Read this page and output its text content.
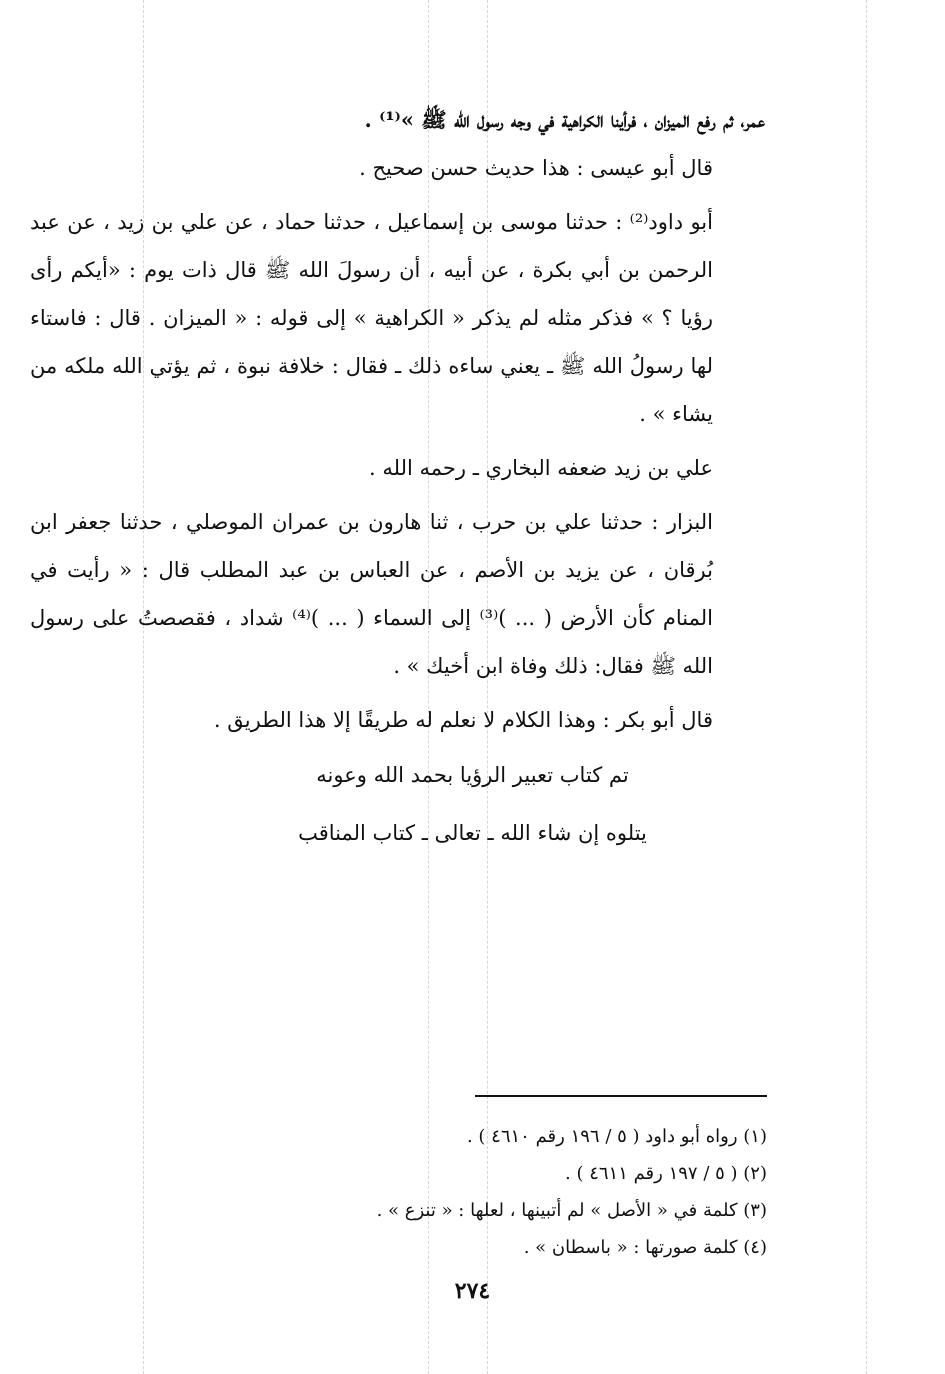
عمر، ثم رفع الميزان ، فرأينا الكراهية في وجه رسول الله ﷺ »⁽¹⁾ .

قال أبو عيسى : هذا حديث حسن صحيح .

أبو داود⁽²⁾ : حدثنا موسى بن إسماعيل ، حدثنا حماد ، عن علي بن زيد ، عن عبد الرحمن بن أبي بكرة ، عن أبيه ، أن رسولَ الله ﷺ قال ذات يوم : «أيكم رأى رؤيا ؟ » فذكر مثله لم يذكر « الكراهية » إلى قوله : « الميزان . قال : فاستاء لها رسولُ الله ﷺ ـ يعني ساءه ذلك ـ فقال : خلافة نبوة ، ثم يؤتي الله ملكه من يشاء » .

علي بن زيد ضعفه البخاري ـ رحمه الله .

البزار : حدثنا علي بن حرب ، ثنا هارون بن عمران الموصلي ، حدثنا جعفر ابن بُرقان ، عن يزيد بن الأصم ، عن العباس بن عبد المطلب قال : « رأيت في المنام كأن الأرض ( ... )⁽³⁾ إلى السماء ( ... )⁽⁴⁾ شداد ، فقصصتُ على رسول الله ﷺ فقال: ذلك وفاة ابن أخيك » .

قال أبو بكر : وهذا الكلام لا نعلم له طريقًا إلا هذا الطريق .

تم كتاب تعبير الرؤيا بحمد الله وعونه
يتلوه إن شاء الله ـ تعالى ـ كتاب المناقب

(١) رواه أبو داود ( ٥ / ١٩٦ رقم ٤٦١٠ ) .

(٢) ( ٥ / ١٩٧ رقم ٤٦١١ ) .

(٣) كلمة في « الأصل » لم أتبينها ، لعلها : « تنزع » .

(٤) كلمة صورتها : « باسطان » .

٢٧٤
